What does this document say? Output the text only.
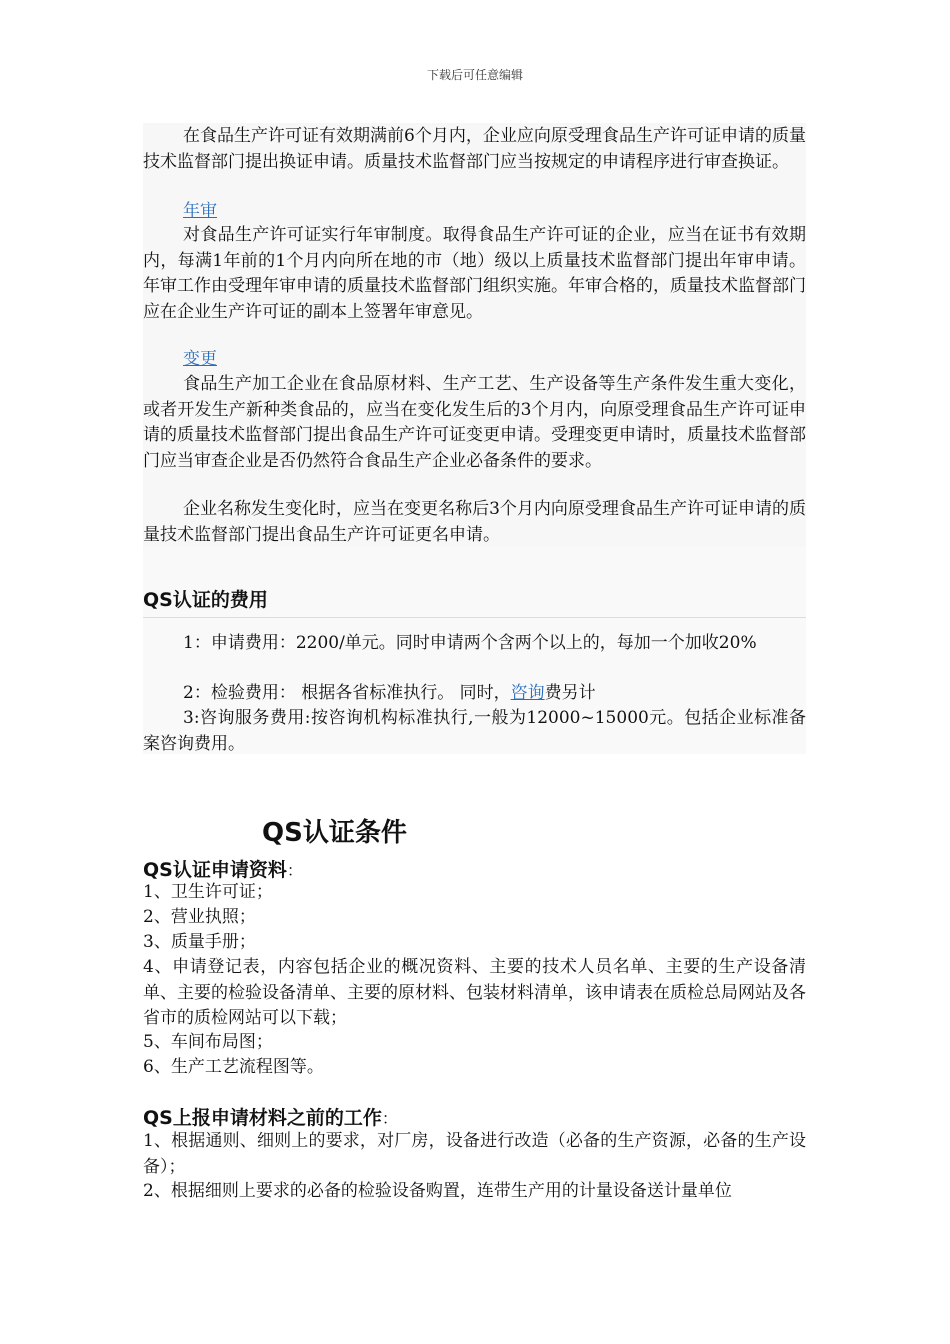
下载后可任意编辑
在食品生产许可证有效期满前6个月内，企业应向原受理食品生产许可证申请的质量技术监督部门提出换证申请。质量技术监督部门应当按规定的申请程序进行审查换证。
年审
对食品生产许可证实行年审制度。取得食品生产许可证的企业，应当在证书有效期内，每满1年前的1个月内向所在地的市（地）级以上质量技术监督部门提出年审申请。年审工作由受理年审申请的质量技术监督部门组织实施。年审合格的，质量技术监督部门应在企业生产许可证的副本上签署年审意见。
变更
食品生产加工企业在食品原材料、生产工艺、生产设备等生产条件发生重大变化，或者开发生产新种类食品的，应当在变化发生后的3个月内，向原受理食品生产许可证申请的质量技术监督部门提出食品生产许可证变更申请。受理变更申请时，质量技术监督部门应当审查企业是否仍然符合食品生产企业必备条件的要求。
企业名称发生变化时，应当在变更名称后3个月内向原受理食品生产许可证申请的质量技术监督部门提出食品生产许可证更名申请。
QS认证的费用
1：申请费用：2200/单元。同时申请两个含两个以上的，每加一个加收20%
2：检验费用： 根据各省标准执行。 同时，咨询费另计
3:咨询服务费用:按咨询机构标准执行,一般为12000~15000元。包括企业标准备案咨询费用。
QS认证条件
QS认证申请资料：
1、卫生许可证；
2、营业执照；
3、质量手册；
4、申请登记表，内容包括企业的概况资料、主要的技术人员名单、主要的生产设备清单、主要的检验设备清单、主要的原材料、包装材料清单，该申请表在质检总局网站及各省市的质检网站可以下载；
5、车间布局图；
6、生产工艺流程图等。
QS上报申请材料之前的工作：
1、根据通则、细则上的要求，对厂房，设备进行改造（必备的生产资源，必备的生产设备）；
2、根据细则上要求的必备的检验设备购置，连带生产用的计量设备送计量单位
